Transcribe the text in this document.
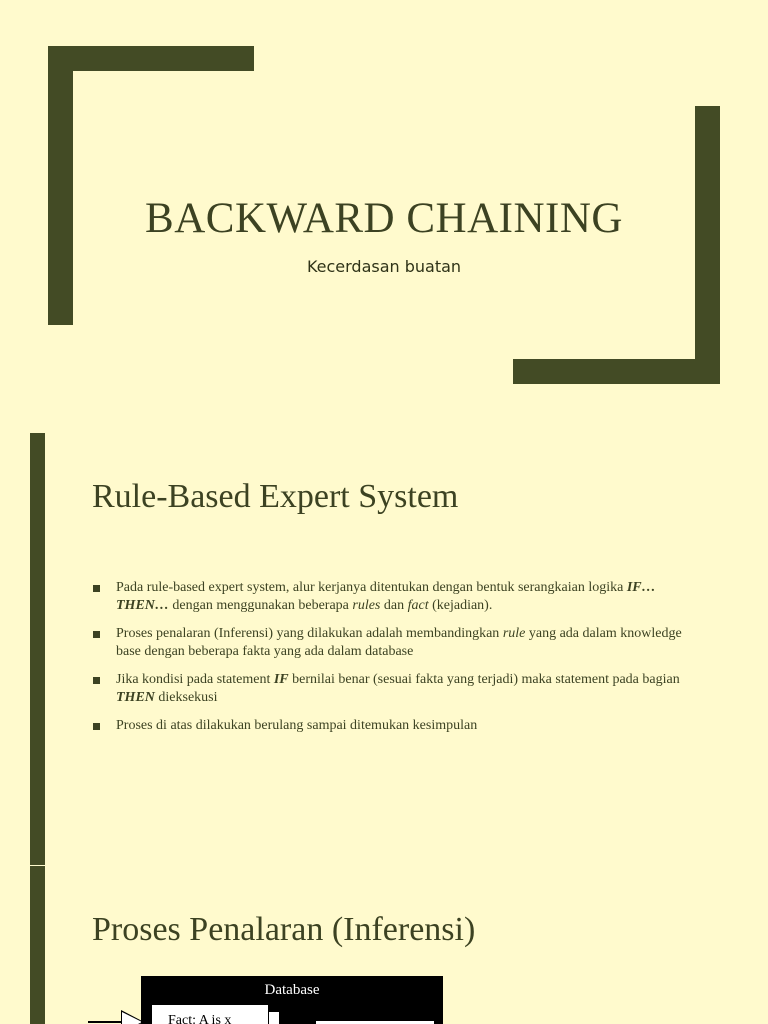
BACKWARD CHAINING
Kecerdasan buatan
Rule-Based Expert System
Pada rule-based expert system, alur kerjanya ditentukan dengan bentuk serangkaian logika IF… THEN… dengan menggunakan beberapa rules dan fact (kejadian).
Proses penalaran (Inferensi) yang dilakukan adalah membandingkan rule yang ada dalam knowledge base dengan beberapa fakta yang ada dalam database
Jika kondisi pada statement IF bernilai benar (sesuai fakta yang terjadi) maka statement pada bagian THEN dieksekusi
Proses di atas dilakukan berulang sampai ditemukan kesimpulan
Proses Penalaran (Inferensi)
Database
Fact: A is x
